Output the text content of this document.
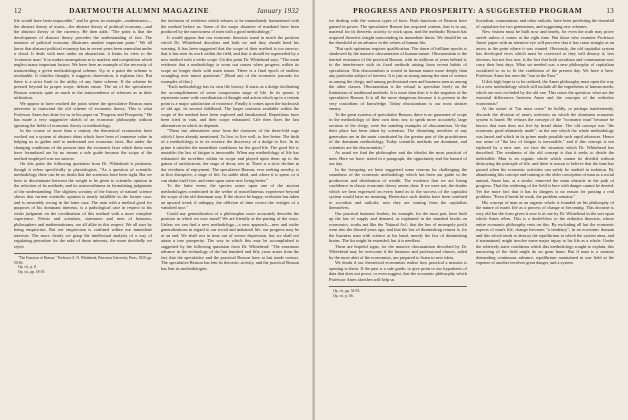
12	DARTMOUTH ALUMNI MAGAZINE	January 1932

life would have been impossible," and he gives an example—mathematics—the abstract theory of music—the abstract theory of political economy—and the abstract theory of the currency. He then adds: "The point is that the development of abstract theory precedes the understanding of fact. The instance of political economy illustrates another important point." We all know that abstract political economy has in recent years been somewhat under a cloud. It deals with men under an abstraction; it limits its view to the 'economic man.' It so makes assumptions as to markets and competition which neglect many important factors. We have here an example of the necessity of transcending a given methodological scheme. Up to a point the scheme is invaluable. It clarifies thought, it suggests observation, it explains fact. But there is a strict limit to the utility of any finite scheme. If the scheme be pressed beyond its proper scope, defeats ensue. The art of the speculative Reason consists quite as much in the transcendence of schemes as in their utilization.

We appear to have reached the point where the speculative Reason must intervene to transcend the old scheme of economic theory. This is what Professor Ames has done for us in his paper on "Progress and Prosperity." He has made a very suggestive sketch of an economic philosophy without ignoring the fields of economic theory or methodology.

In the course of more than a century the theoretical economists have worked out a system of abstract ideas which have been of immense value in helping us to gather and to understand our economic facts. But under the changing conditions of the present time the economic laws which these men have formulated are by no means a safe guide because the scope of the method employed was too narrow.

On this point the following quotation from Dr. Whitehead is pertinent, though it refers specifically to physiologists. "As a question of scientific methodology there can be no doubt that the scientists have been right. But we have to discriminate between the weight to be given to scientific opinion in the selection of its methods, and its trustworthiness in formulating judgments of the understanding. The slightest scrutiny of the history of natural science shows that current scientific opinion is nearly infallible in the former case, and is invariably wrong in the latter case. The man with a method good for purposes of his dominant interests, is a pathological case in respect to his wider judgment on the coordination of this method with a more complete experience. Priests and scientists, statesmen and men of business, philosophers and mathematicians, are all alike in this respect. We all start by being empiricists. But our empiricism is confined within our immediate interests. The more clearly we grasp the intellectual analysis of a way of regulating procedure for the sake of those interests, the more decidedly we reject

"The Function of Reason," Professor A. N. Whitehead, Princeton University Press, 1929, pp. 50-60.
Op. cit., p. 8.
Op. cit., pp. 18-19.

the inclusion of evidence which refuses to be immediately harmonized with the method before us. Some of the major disasters of mankind have been produced by the narrowness of men with a good methodology."

It would appear that our economic theorists stand in much the position which Dr. Whitehead describes and both we and they should heed his warning. It has been suggested that the scope of their method is too narrow; that it has seen its work within the field, and that it should be superseded by a new method with a wider scope. On this point Dr. Whitehead says: "The main evidence that a methodology is worn out comes when progress within its scope no longer deals with main issues. There is a final epoch of endless wrangling over minor questions." (Read any of the economic journals for examples of this.)

"Each methodology has its own life history. It starts as a dodge facilitating the accomplishment of some conspicuous stage of life. In its prime, it represents some wide coordination of thought and action which up to a certain point is a major satisfaction of existence. Finally it comes upon the backwash of old age, its second childhood. The larger contrasts available within the scope of the method have been explored and familiarized. Repetitions have been tried in vain, and their scope exhausted. Life then faces the last alternatives in which its depends.

"These last alternatives arise from the character of the three-fold urge which I have already mentioned. To live, to live well, to live better. The birth of a methodology is in its essence the discovery of a dodge to live. In its prime it satisfies the immediate conditions for the good life. The good life is unstable; the law of fatigue is inexorable. When any methodology of life has exhausted the novelties within its scope and played upon them up to the gamut of satisfactions, the stage of decay sets in. There is a slow decline in the vividness of enjoyment. The speculative Reason, ever seeking novelty, is at first disruptive, a stage of life. Its stable ideal, and where it is spent, or it can shake itself free, and enter upon some new living better."

To the latter event, the species raises upon one of the ancient methodologies coniferated in the welter of miscellaneous experience beyond the scope of the old dominant way. If the choice be happy, evolution has taken an upward trend; if unhappy, the oblivion of time covers the vestiges of a vanished race."

Could any generalization of a philosopher more accurately describe the position in which we now stand? We are literally at the parting of the ways. Unless we can find a new methodology—a new approach—new and wider generalizations in regard to our social and industrial life, our progress may be at an end. We shall rest in time out of severe depression, but we shall not attain a true prosperity. The way in which this may be accomplished is suggested by the following quotation from Dr. Whitehead: "The enormous advance in the technology of the last hundred and fifty years arises from the fact that the speculative and the practical Reason have at last made contact. The speculative Reason has lent its theoretic activity, and the practical Reason has lent its methodologies

PROGRESS AND PROSPERITY: A SUGGESTED PROGRAM	13

for dealing with the various types of facts. Both functions of Reason have gained in power. The speculative Reason has acquired content, that is to say, material for its theoretic activity to work upon, and the methodic Reason has acquired theoretic insight transcending its immediate limits. We should be on the threshold of an advance in the values of human life.

"But such optimism requires qualification. The dawn of brilliant epochs is shadowed by the massive obscurantism of human nature. Obscurantism is the inertial resistance of the practical Reason, with its millions of years behind it, to the interference with its fixed methods arising from recent habits of speculation. This obscurantism is rooted in human nature more deeply than any particular subject of interest. It is just as strong among the men of science as among the clergy, and among professional men and business men as among the other classes. Obscurantism is the refusal to speculate freely on the limitations of traditional methods. It is more than that: it is the negation of the speculative Reason. It is all the more dangerous because it is present in the very custodians of knowledge. Today obscurantism is our most sinister enemy.

To the great systems of speculative Reason, there is no guarantee of scope in the methodology of their own time, nor, to speak more accurately, large sections of the clergy, were the standing examples of obscurantism. To-day their place has been taken by scientists. The disturbing novelties of any generation are in the main constituted by the greater part of the practitioners of the dominant methodology. Today scientific methods are dominant, and scientists are the obscurantists."

As usual we find the philosopher and the idealist the most practical of men. Here we have, stated in a paragraph, the opportunity and the hazard of our day.

In the foregoing we have suggested some reasons for challenging the soundness of the economic methodology which has been our guide in the production and distribution of wealth. The evidence that we are losing confidence in classic economic theory seems clear. If we were not, the doubts which we hear expressed on every hand as to the success of the capitalist system would have no meaning. Heretofore such doubts have been confined to socialists and radicals; now they are coming from the capitalists themselves.

Our practical business leaders, for example, for the most part, have built up the law of supply and demand, as explained in the standard books on economics, works not like the 'Natural Act'; that the law of monopoly profit went into the discard years ago; and that the law of diminishing returns is, for the business man with science at his hand, merely the law of diminishing brains. The list might be extended, but it is needless.

These are hopeful signs, for the massive obscurantism described by Dr. Whitehead may be overcome if the business and professional classes, aided by the more alert of the economists, are prepared to listen to new ideas.

We doubt if our theoretical economists realize how practical a mission is opening to them. If the past is a safe guide, to give point to our hypothesis of data that does not prove, or even suggest, that the economic philosophy which Professor Ames sketches will help us

Op. cit., pp. 54-55.
Op. cit., p. 66.

Socialism, communism, and other radicals, have been predicting the downfall of capitalism for two generations, and suggesting new schemes.

New visions must be built now and timely, for even the truth may prove sterile unless it comes at the right time. But those who examine Professor Ames' paper with an attentive eye will perceive that it has come straight as an arrow to the point where it was wanted. Obviously, the old capitalist system has developed vices which must be corrected or they will destroy it; less obvious, but not less true, is the fact that both socialism and communism now carry their best days. What we needed was a new philosophy of capitalism socialized so as to fit the conditions of the present day. We have it here. Professor Ames has seen the "star in the East."

If this high hope is to be realized, the Ames philosophy must open the way for a new methodology which will include all the ingredients of human needs, which are now excluded by the old one. This raises the question: what are the essential differences between Ames and the concepts of the orthodox economists?

At the outset of "his must cease" he boldly, or perhaps inadvertently, discards the division of man's activities on which the dominant economic system is based. He refuses the concept of the "economic man" because he knows that man does not live by bread alone. The old concept was "the economic good ultimately made"; as the one which the whole methodology was based and which in its prime made possible such rapid advances. Hence our sense of "the law of fatigue is inexorable," and if this concept is not replaced by a new one, we face the situation which Dr. Whitehead has described. The weakness of the old concept is that it seeks to divide the indivisible. Man is an organic whole which cannot be divided without destroying the principle of life, and there is reason to believe that the time has passed when his economic activities can safely be studied in isolation. By abandoning this concept and turning to the older conception of man as a social animal, Ames has, at a stroke, removed the main obstacle in the path of progress. That this widening of the field is here with danger cannot be denied. Yet the more fact that it has its dangers is no reason for passing a real problem. "Even if heeds be weak, the problem remains."

His concept of man as an organic whole is founded on his philosophy of the nature of man's life as a process of change or becoming. This doctrine is very old but the form given it now is at one by Dr. Whitehead in the sort upon which Ames relies. This is a doubt-blow to the orthodox theorists, whose entire economic philosophy rests on this. By excluding all but the economic aspects of man's life, change becomes "a tendency"; in an economic domain and this which tends to destroy the equilibrium at which the system aims, and if maintained, might involve some major injury to his life as a whole. Under the relatively static conditions which this methodology sought to explain, this narrowing of the field might do no great harm. But if man is a creature demanding continuous advance, equilibrium maintained in one field at the expense of another involves great danger, and a system
